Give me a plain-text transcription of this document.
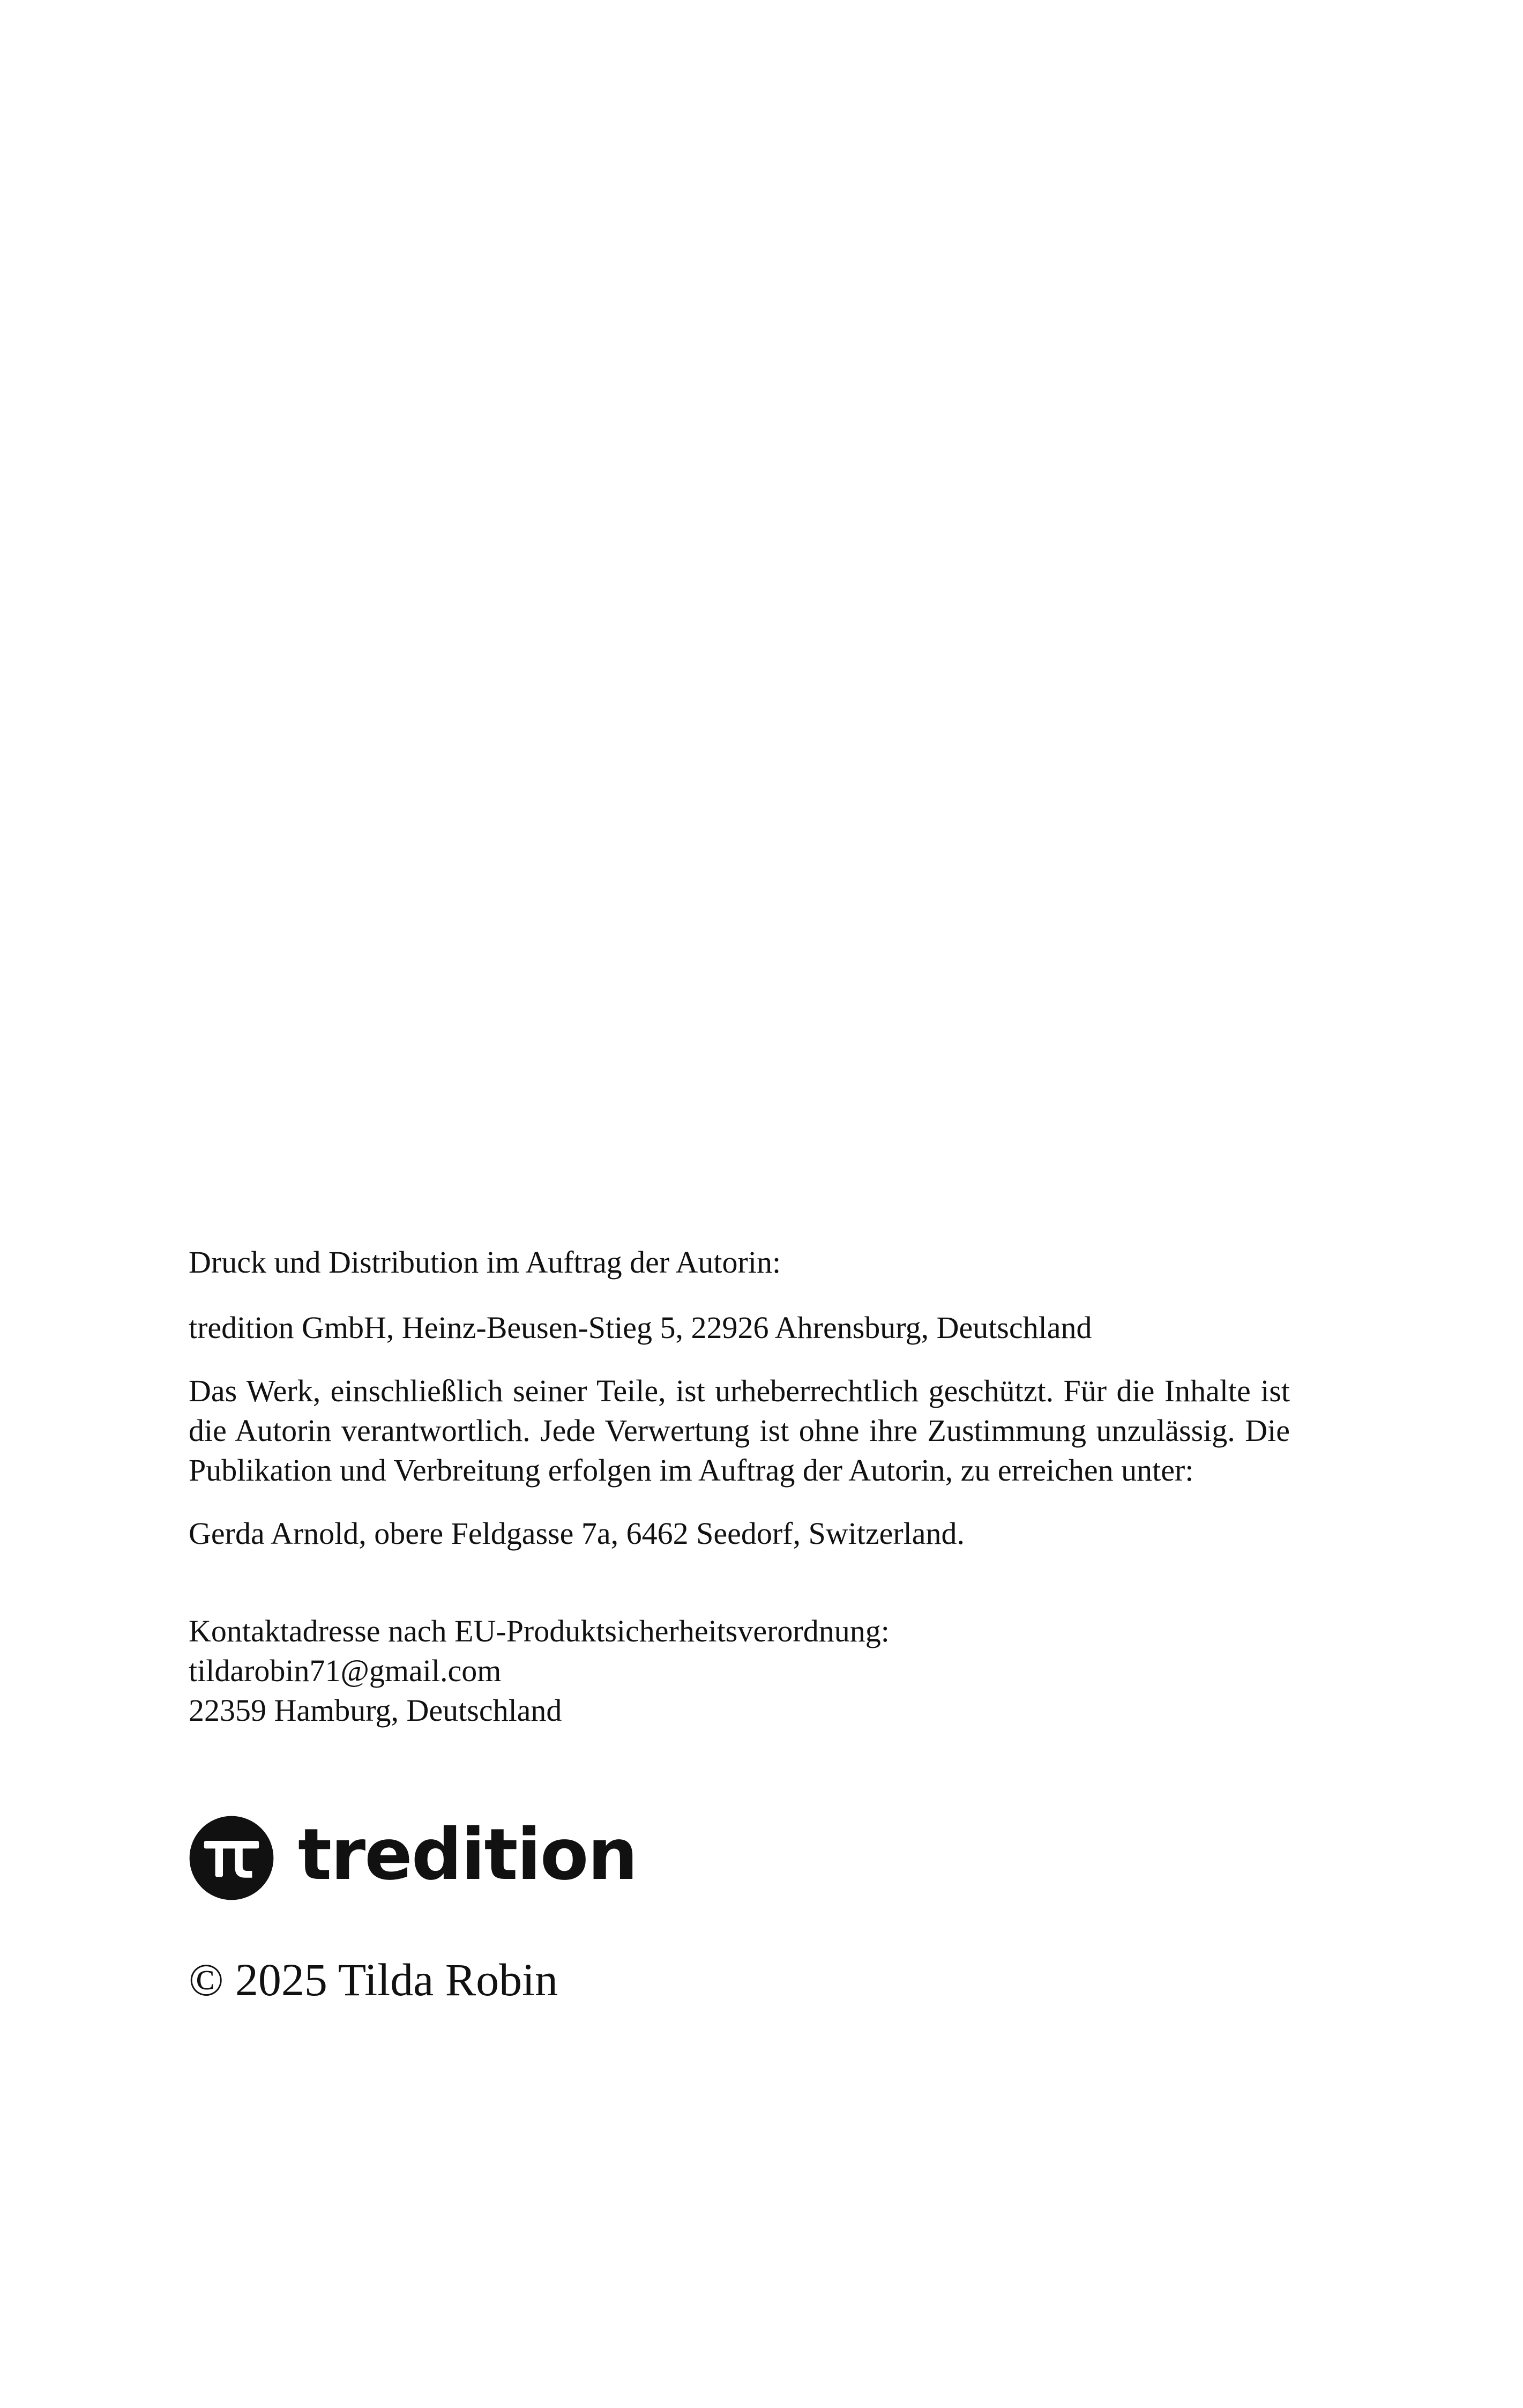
Druck und Distribution im Auftrag der Autorin:

tredition GmbH, Heinz-Beusen-Stieg 5, 22926 Ahrensburg, Deutschland

Das Werk, einschließlich seiner Teile, ist urheberrechtlich geschützt. Für die Inhalte ist die Autorin verantwortlich. Jede Verwertung ist ohne ihre Zustimmung unzulässig. Die Publikation und Verbreitung erfolgen im Auftrag der Autorin, zu erreichen unter:

Gerda Arnold, obere Feldgasse 7a, 6462 Seedorf, Switzerland.

Kontaktadresse nach EU-Produktsicherheitsverordnung:
tildarobin71@gmail.com
22359 Hamburg, Deutschland

tredition
© 2025 Tilda Robin
